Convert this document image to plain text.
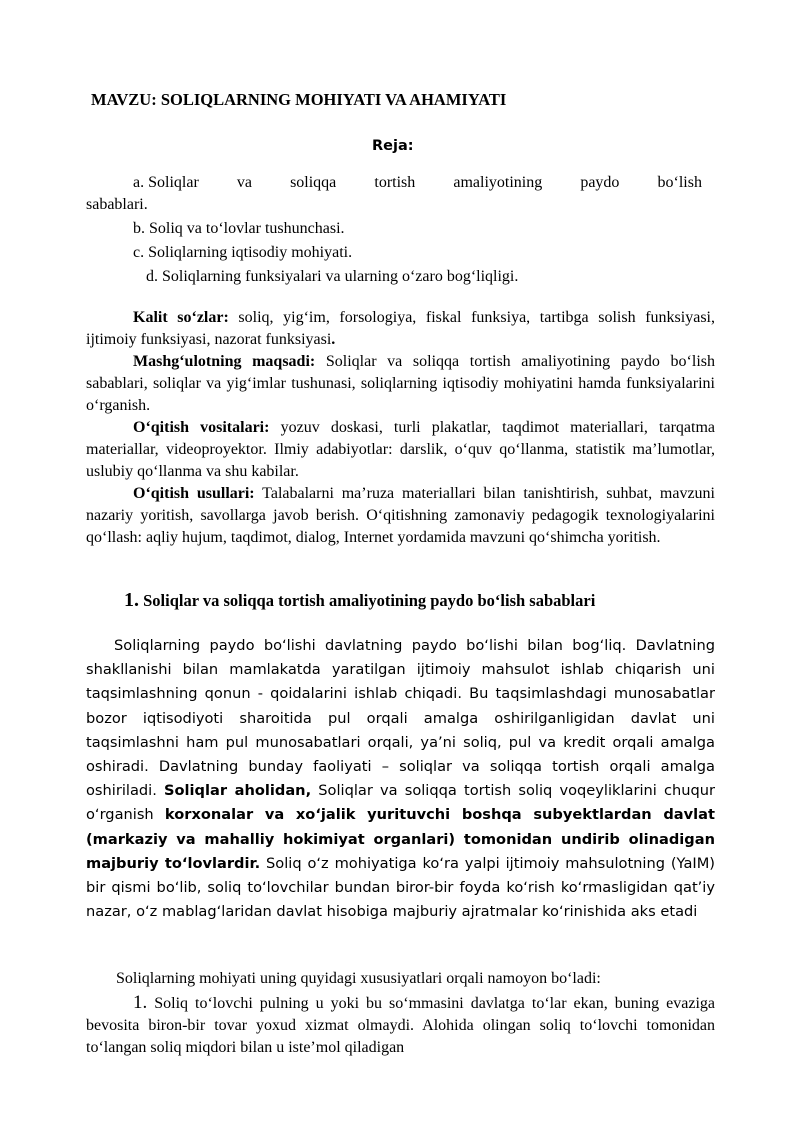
MAVZU: SOLIQLARNING MOHIYATI VA AHAMIYATI
Reja:
a. Soliqlar va soliqqa tortish amaliyotining paydo bo‘lish
sabablari.
b. Soliq va to‘lovlar tushunchasi.
c. Soliqlarning iqtisodiy mohiyati.
d. Soliqlarning funksiyalari va ularning o‘zaro bog‘liqligi.

Kalit so‘zlar: soliq, yig‘im, forsologiya, fiskal funksiya, tartibga solish funksiyasi, ijtimoiy funksiyasi, nazorat funksiyasi.

Mashg‘ulotning maqsadi: Soliqlar va soliqqa tortish amaliyotining paydo bo‘lish sabablari, soliqlar va yig‘imlar tushunasi, soliqlarning iqtisodiy mohiyatini hamda funksiyalarini o‘rganish.

O‘qitish vositalari: yozuv doskasi, turli plakatlar, taqdimot materiallari, tarqatma materiallar, videoproyektor. Ilmiy adabiyotlar: darslik, o‘quv qo‘llanma, statistik ma’lumotlar, uslubiy qo‘llanma va shu kabilar.

O‘qitish usullari: Talabalarni ma’ruza materiallari bilan tanishtirish, suhbat, mavzuni nazariy yoritish, savollarga javob berish. O‘qitishning zamonaviy pedagogik texnologiyalarini qo‘llash: aqliy hujum, taqdimot, dialog, Internet yordamida mavzuni qo‘shimcha yoritish.

1. Soliqlar va soliqqa tortish amaliyotining paydo bo‘lish sabablari

Soliqlarning paydo boʻlishi davlatning paydo boʻlishi bilan bogʻliq. Davlatning shakllanishi bilan mamlakatda yaratilgan ijtimoiy mahsulot ishlab chiqarish uni taqsimlashning qonun - qoidalarini ishlab chiqadi. Bu taqsimlashdagi munosabatlar bozor iqtisodiyoti sharoitida pul orqali amalga oshirilganligidan davlat uni taqsimlashni ham pul munosabatlari orqali, ya’ni soliq, pul va kredit orqali amalga oshiradi. Davlatning bunday faoliyati – soliqlar va soliqqa tortish orqali amalga oshiriladi. Soliqlar aholidan, Soliqlar va soliqqa tortish soliq voqeyliklarini chuqur oʻrganish korxonalar va xoʻjalik yurituvchi boshqa subyektlardan davlat (markaziy va mahalliy hokimiyat organlari) tomonidan undirib olinadigan majburiy toʻlovlardir. Soliq oʻz mohiyatiga koʻra yalpi ijtimoiy mahsulotning (YaIM) bir qismi boʻlib, soliq toʻlovchilar bundan biror-bir foyda koʻrish koʻrmasligidan qat’iy nazar, oʻz mablagʻlaridan davlat hisobiga majburiy ajratmalar koʻrinishida aks etadi

Soliqlarning mohiyati uning quyidagi xususiyatlari orqali namoyon bo‘ladi:

1. Soliq to‘lovchi pulning u yoki bu so‘mmasini davlatga to‘lar ekan, buning evaziga bevosita biron-bir tovar yoxud xizmat olmaydi. Alohida olingan soliq to‘lovchi tomonidan to‘langan soliq miqdori bilan u iste’mol qiladigan
